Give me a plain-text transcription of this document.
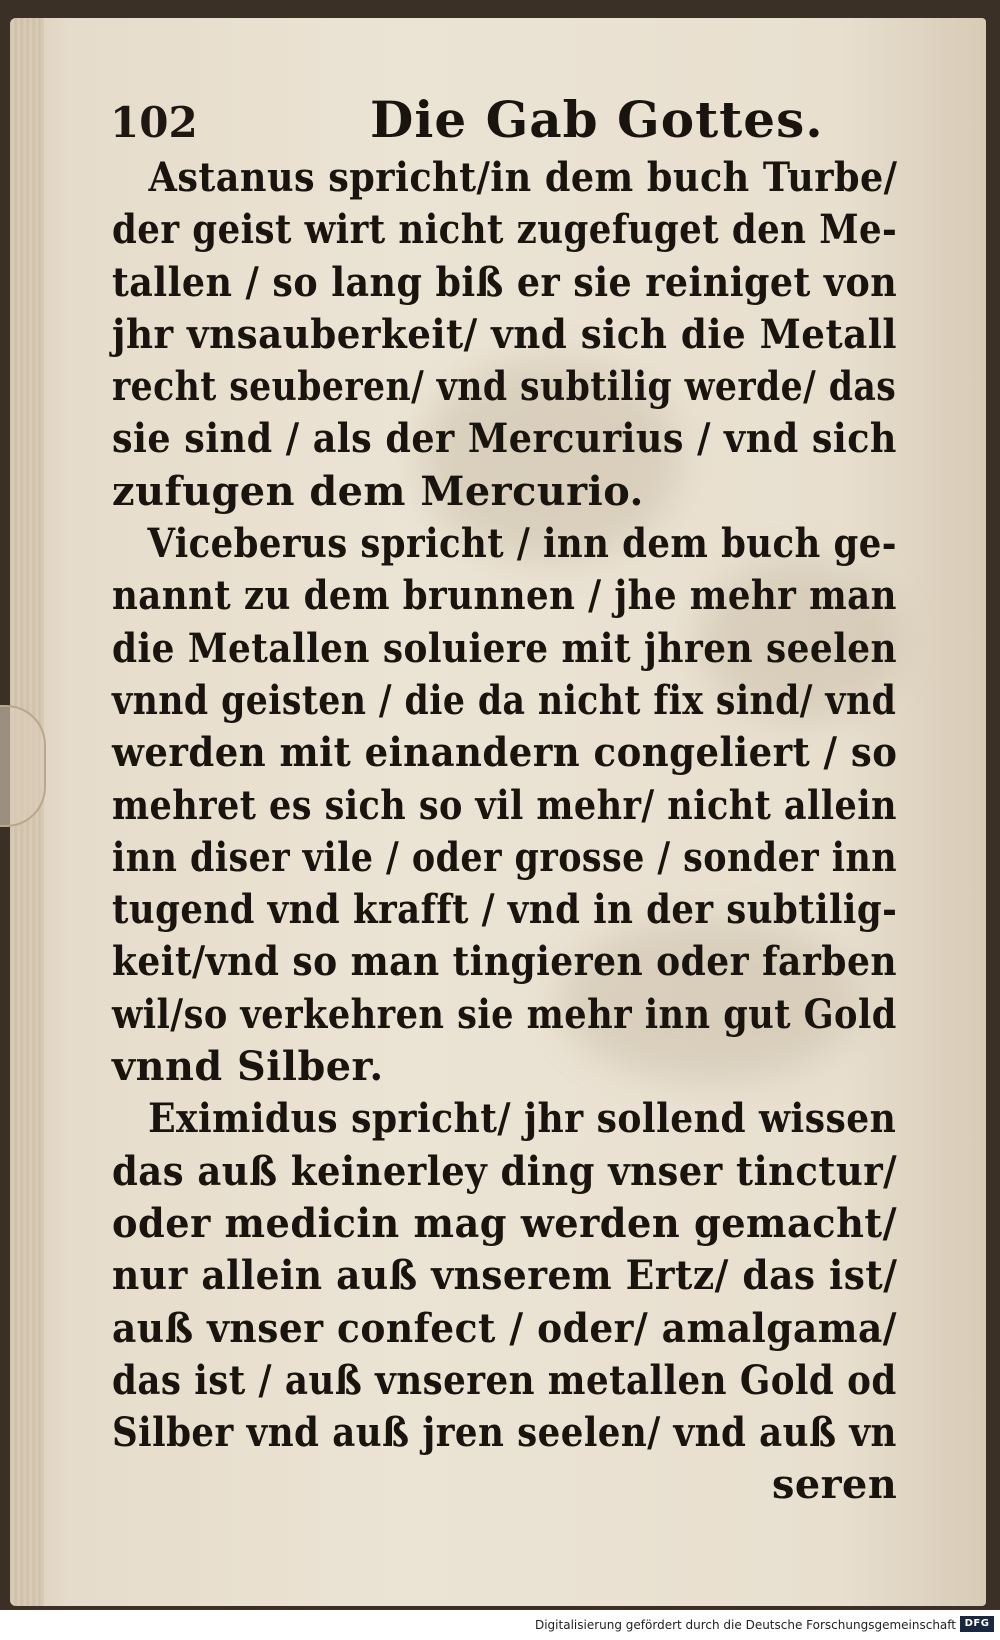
102	Die Gab Gottes.
Astanus spricht/in dem buch Turbe/
der geist wirt nicht zugefuget den Me-
tallen / so lang biß er sie reiniget von
jhr vnsauberkeit/ vnd sich die Metall
recht seuberen/ vnd subtilig werde/ das
sie sind / als der Mercurius / vnd sich
zufugen dem Mercurio.
Viceberus spricht / inn dem buch ge-
nannt zu dem brunnen / jhe mehr man
die Metallen soluiere mit jhren seelen
vnnd geisten / die da nicht fix sind/ vnd
werden mit einandern congeliert / so
mehret es sich so vil mehr/ nicht allein
inn diser vile / oder grosse / sonder inn
tugend vnd krafft / vnd in der subtilig-
keit/vnd so man tingieren oder farben
wil/so verkehren sie mehr inn gut Gold
vnnd Silber.
Eximidus spricht/ jhr sollend wissen
das auß keinerley ding vnser tinctur/
oder medicin mag werden gemacht/
nur allein auß vnserem Ertz/ das ist/
auß vnser confect / oder/ amalgama/
das ist / auß vnseren metallen Gold od
Silber vnd auß jren seelen/ vnd auß vn
seren
Digitalisierung gefördert durch die Deutsche Forschungsgemeinschaft DFG
